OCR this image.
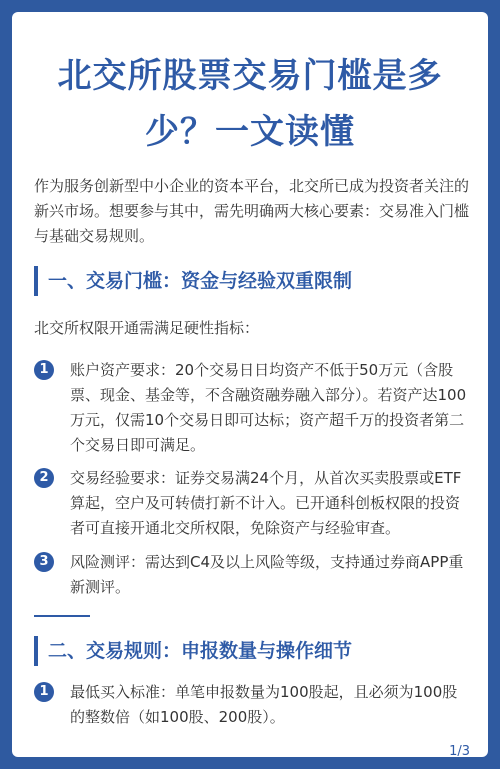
北交所股票交易门槛是多
少？一文读懂

作为服务创新型中小企业的资本平台，北交所已成为投资者关注的新兴市场。想要参与其中，需先明确两大核心要素：交易准入门槛与基础交易规则。

一、交易门槛：资金与经验双重限制

北交所权限开通需满足硬性指标：

1	账户资产要求：20个交易日日均资产不低于50万元（含股票、现金、基金等，不含融资融券融入部分）。若资产达100万元，仅需10个交易日即可达标；资产超千万的投资者第二个交易日即可满足。
2	交易经验要求：证券交易满24个月，从首次买卖股票或ETF算起，空户及可转债打新不计入。已开通科创板权限的投资者可直接开通北交所权限，免除资产与经验审查。
3	风险测评：需达到C4及以上风险等级，支持通过券商APP重新测评。
二、交易规则：申报数量与操作细节
1	最低买入标准：单笔申报数量为100股起，且必须为100股的整数倍（如100股、200股）。
1/3
